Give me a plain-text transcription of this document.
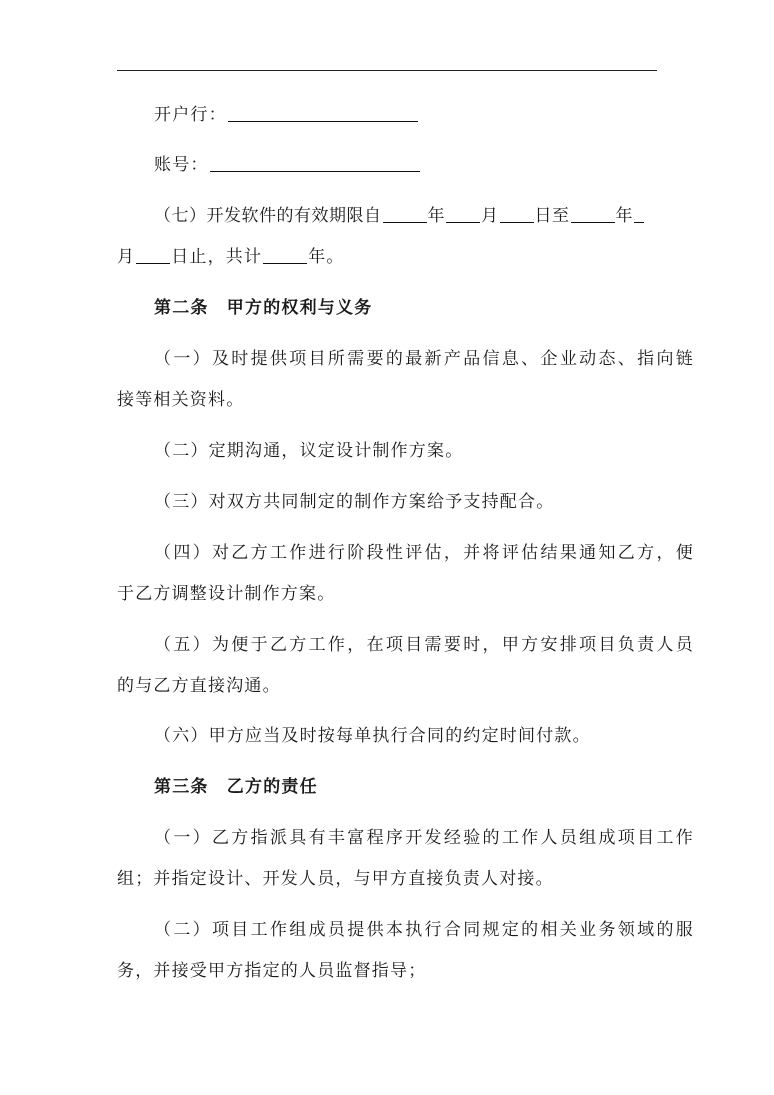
开户行：
账号：
（七）开发软件的有效期限自	年 月 日至	年
月 日止，共计	年。
第二条　甲方的权利与义务
（一）及时提供项目所需要的最新产品信息、企业动态、指向链
接等相关资料。
（二）定期沟通，议定设计制作方案。
（三）对双方共同制定的制作方案给予支持配合。
（四）对乙方工作进行阶段性评估，并将评估结果通知乙方，便
于乙方调整设计制作方案。
（五）为便于乙方工作，在项目需要时，甲方安排项目负责人员
的与乙方直接沟通。
（六）甲方应当及时按每单执行合同的约定时间付款。
第三条　乙方的责任
（一）乙方指派具有丰富程序开发经验的工作人员组成项目工作
组；并指定设计、开发人员，与甲方直接负责人对接。
（二）项目工作组成员提供本执行合同规定的相关业务领域的服
务，并接受甲方指定的人员监督指导；
